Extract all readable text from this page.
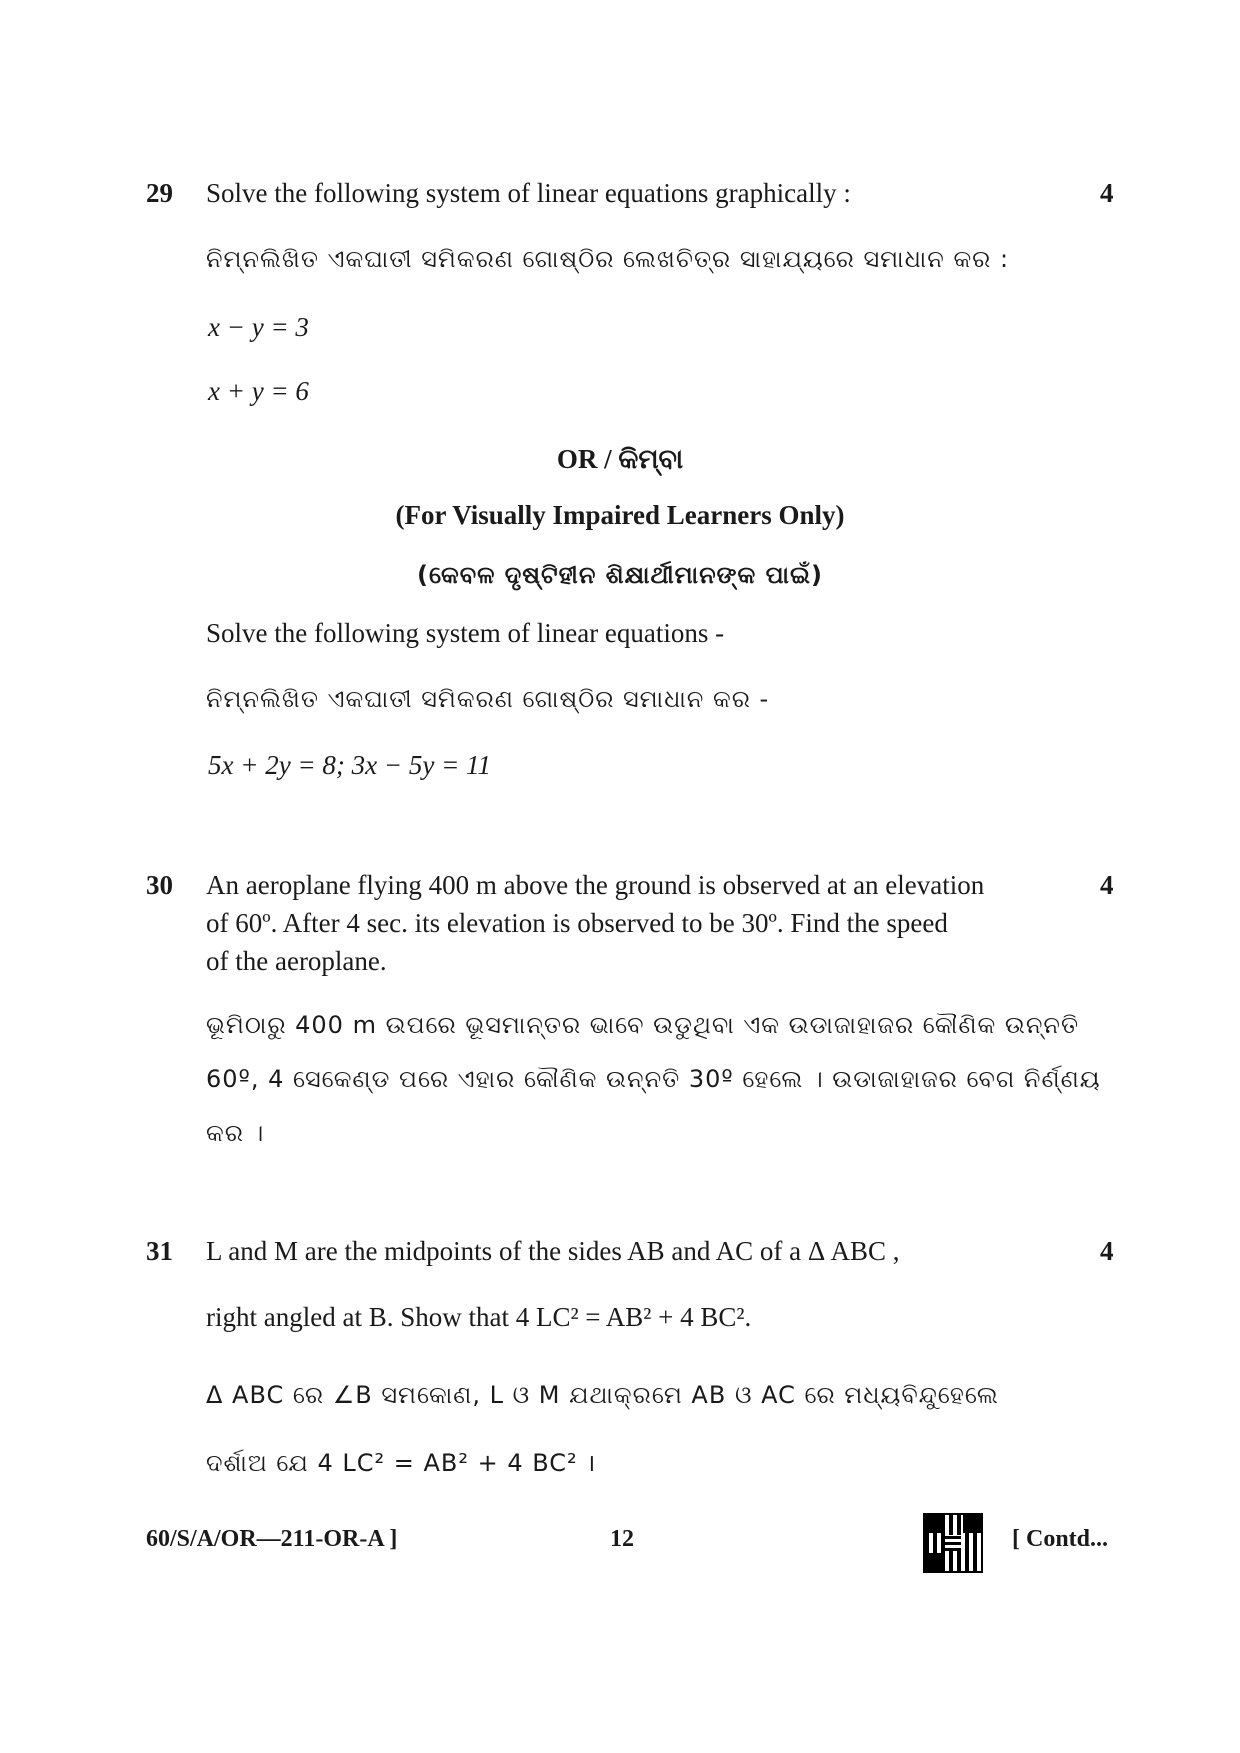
29 Solve the following system of linear equations graphically :	4
ନିମ୍ନଲିଖିତ ଏକଘାତୀ ସମିକରଣ ଗୋଷ୍ଠିର ଲେଖଚିତ୍ର ସାହାଯ୍ୟରେ ସମାଧାନ କର :
x − y = 3
x + y = 6
OR / କିମ୍ବା
(For Visually Impaired Learners Only)
(କେବଳ ଦୃଷ୍ଟିହୀନ ଶିକ୍ଷାର୍ଥୀମାନଙ୍କ ପାଇଁ)
Solve the following system of linear equations -
ନିମ୍ନଲିଖିତ ଏକଘାତୀ ସମିକରଣ ଗୋଷ୍ଠିର ସମାଧାନ କର -
5x + 2y = 8; 3x − 5y = 11
30 An aeroplane flying 400 m above the ground is observed at an elevation	4
of 60º. After 4 sec. its elevation is observed to be 30º. Find the speed
of the aeroplane.
ଭୂମିଠାରୁ 400 m ଉପରେ ଭୂସମାନ୍ତର ଭାବେ ଉଡୁଥିବା ଏକ ଉଡାଜାହାଜର କୌଣିକ ଉନ୍ନତି
60º, 4 ସେକେଣ୍ଡ ପରେ ଏହାର କୌଣିକ ଉନ୍ନତି 30º ହେଲେ । ଉଡାଜାହାଜର ବେଗ ନିର୍ଣ୍ଣୟ
କର ।
31 L and M are the midpoints of the sides AB and AC of a Δ ABC ,	4
right angled at B. Show that 4 LC² = AB² + 4 BC².
Δ ABC ରେ ∠B ସମକୋଣ, L ଓ M ଯଥାକ୍ରମେ AB ଓ AC ରେ ମଧ୍ୟବିନ୍ଦୁହେଲେ
ଦର୍ଶାଅ ଯେ 4 LC² = AB² + 4 BC² ।
60/S/A/OR—211-OR-A ]	12	[ Contd...
